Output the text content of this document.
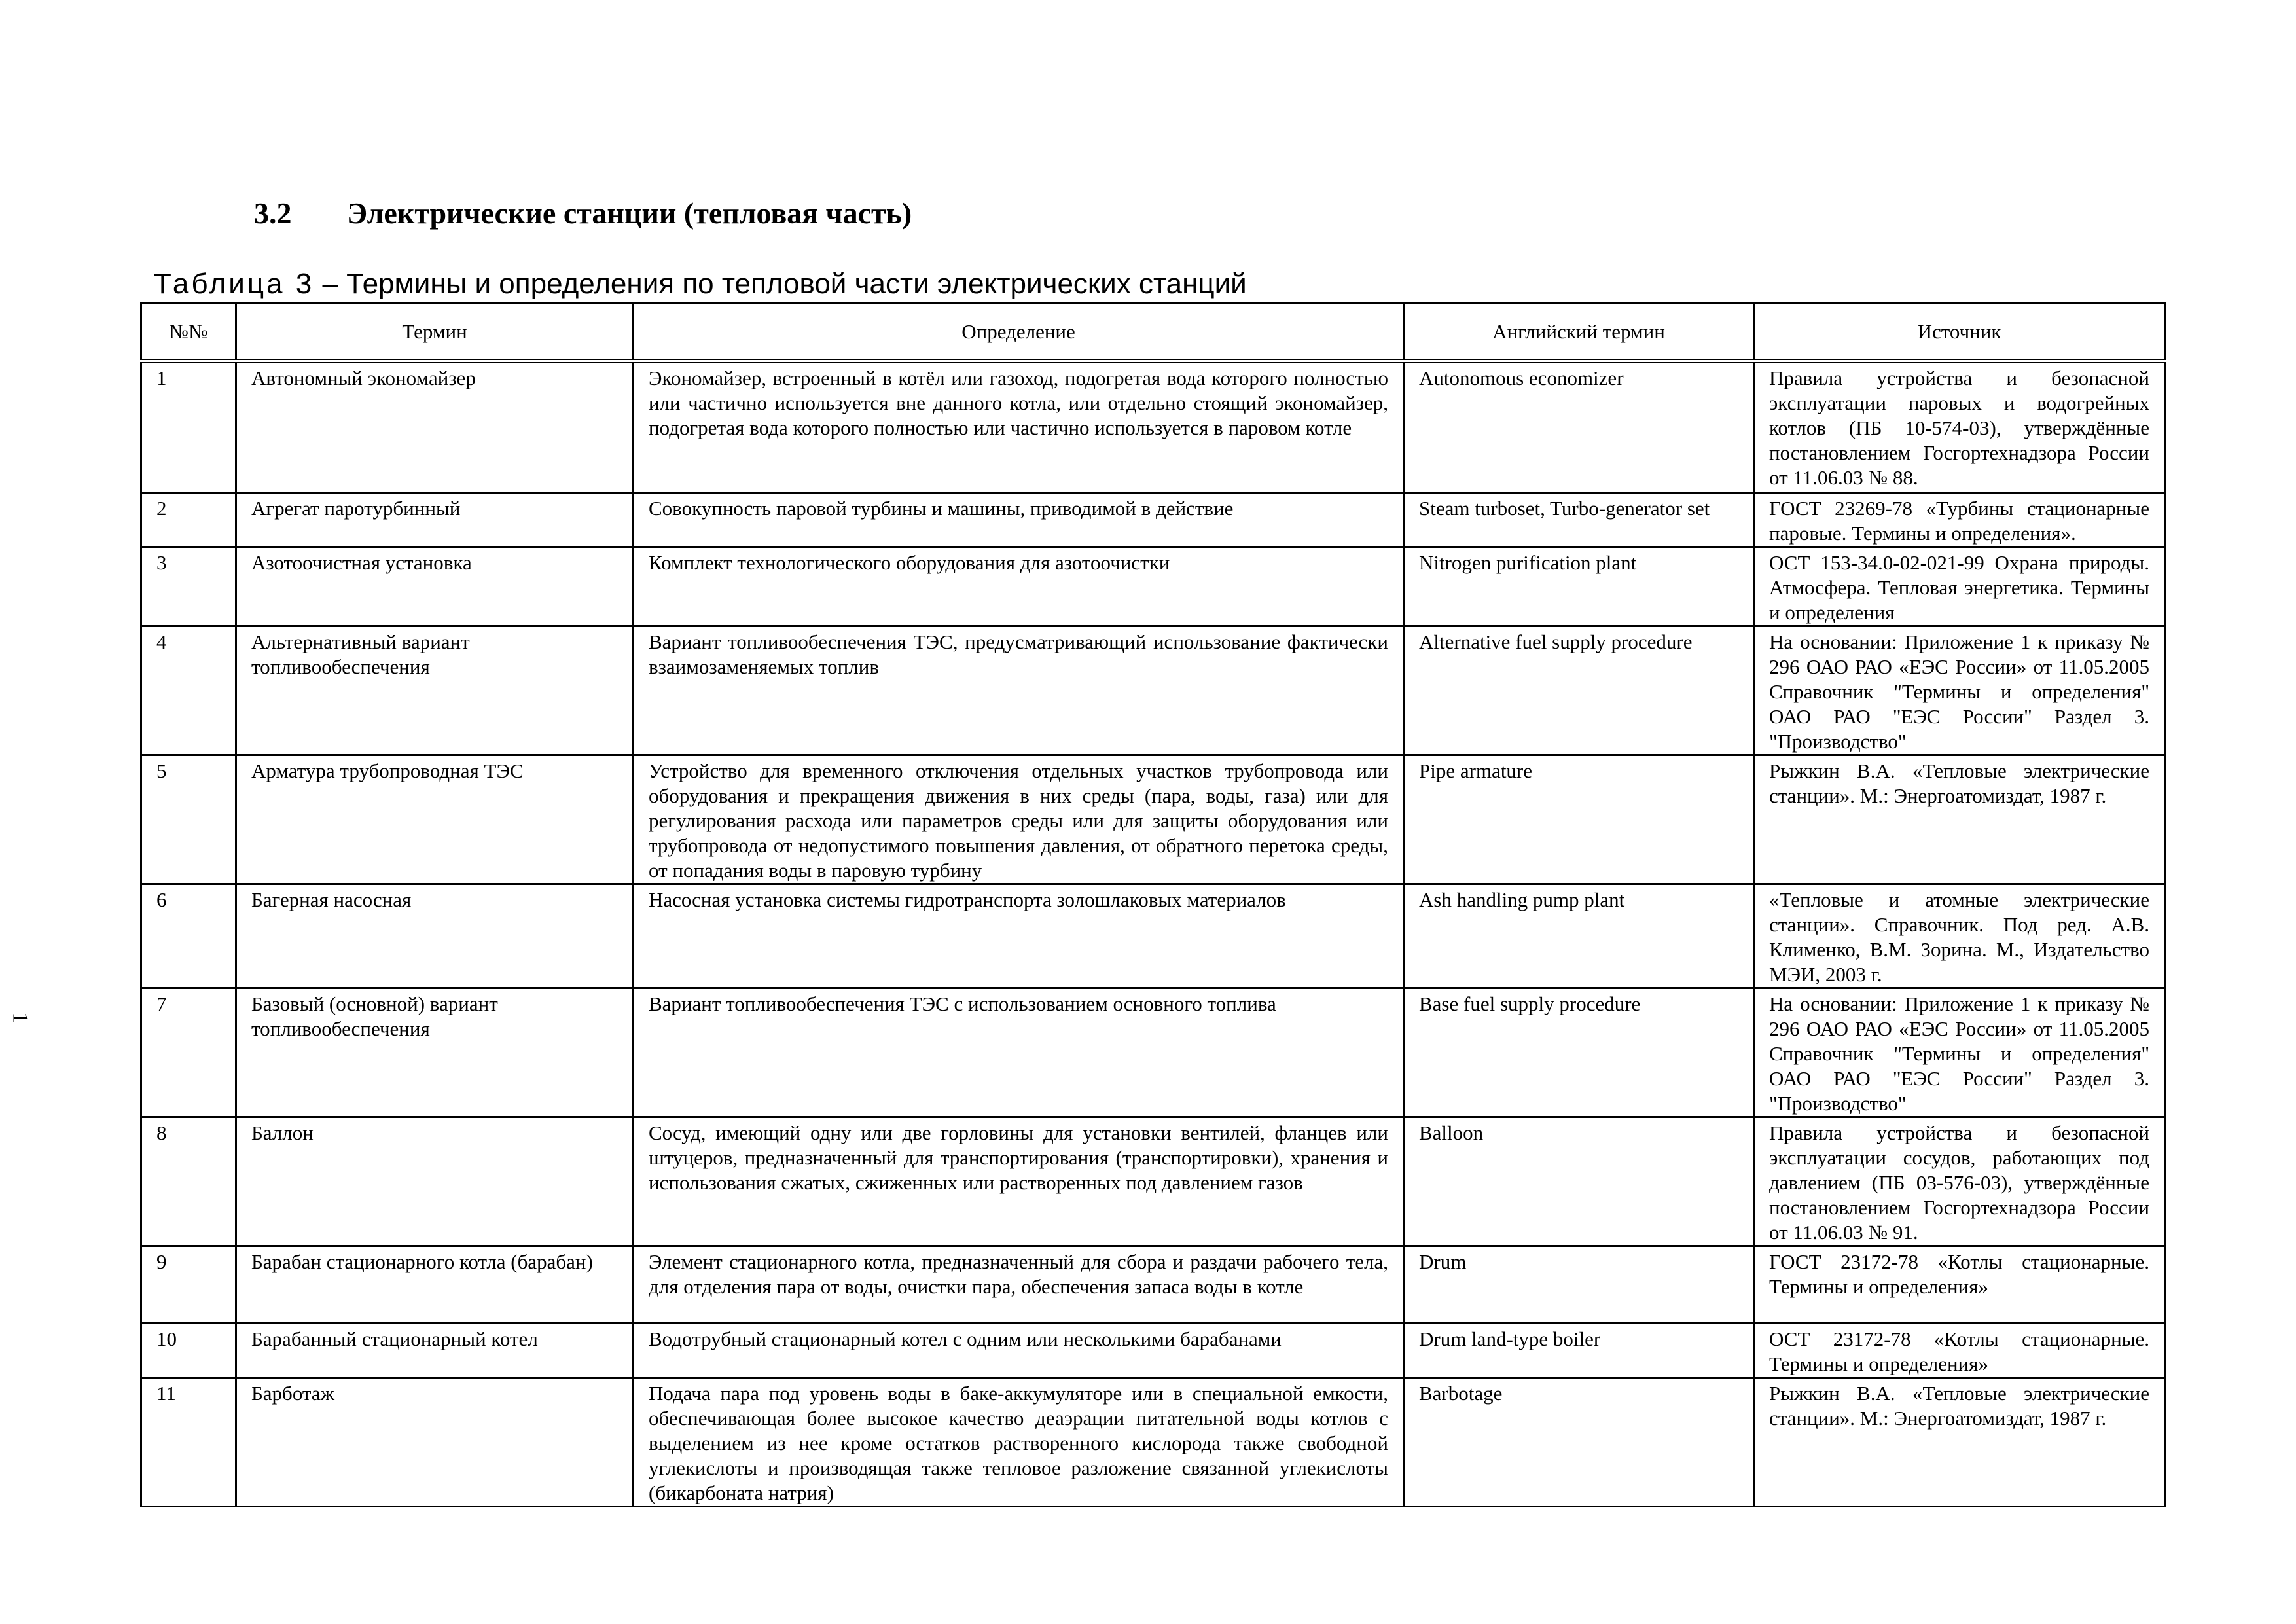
3.2 Электрические станции (тепловая часть)
Таблица 3 – Термины и определения по тепловой части электрических станций
1
№№	Термин	Определение	Английский термин	Источник
1	Автономный экономайзер	Экономайзер, встроенный в котёл или газоход, подогретая вода которого полностью или частично используется вне данного котла, или отдельно стоящий экономайзер, подогретая вода которого полностью или частично используется в паровом котле	Autonomous economizer	Правила устройства и безопасной эксплуатации паровых и водогрейных котлов (ПБ 10-574-03), утверждённые постановлением Госгортехнадзора России от 11.06.03 № 88.
2	Агрегат паротурбинный	Совокупность паровой турбины и машины, приводимой в действие	Steam turboset, Turbo-generator set	ГОСТ 23269-78 «Турбины стационарные паровые. Термины и определения».
3	Азотоочистная установка	Комплект технологического оборудования для азотоочистки	Nitrogen purification plant	ОСТ 153-34.0-02-021-99 Охрана природы. Атмосфера. Тепловая энергетика. Термины и определения
4	Альтернативный вариант топливообеспечения	Вариант топливообеспечения ТЭС, предусматривающий использование фактически взаимозаменяемых топлив	Alternative fuel supply procedure	На основании: Приложение 1 к приказу № 296 ОАО РАО «ЕЭС России» от 11.05.2005 Справочник "Термины и определения" ОАО РАО "ЕЭС России" Раздел 3. "Производство"
5	Арматура трубопроводная ТЭС	Устройство для временного отключения отдельных участков трубопровода или оборудования и прекращения движения в них среды (пара, воды, газа) или для регулирования расхода или параметров среды или для защиты оборудования или трубопровода от недопустимого повышения давления, от обратного перетока среды, от попадания воды в паровую турбину	Pipe armature	Рыжкин В.А. «Тепловые электрические станции». М.: Энергоатомиздат, 1987 г.
6	Багерная насосная	Насосная установка системы гидротранспорта золошлаковых материалов	Ash handling pump plant	«Тепловые и атомные электрические станции». Справочник. Под ред. А.В. Клименко, В.М. Зорина. М., Издательство МЭИ, 2003 г.
7	Базовый (основной) вариант топливообеспечения	Вариант топливообеспечения ТЭС с использованием основного топлива	Base fuel supply procedure	На основании: Приложение 1 к приказу № 296 ОАО РАО «ЕЭС России» от 11.05.2005 Справочник "Термины и определения" ОАО РАО "ЕЭС России" Раздел 3. "Производство"
8	Баллон	Сосуд, имеющий одну или две горловины для установки вентилей, фланцев или штуцеров, предназначенный для транспортирования (транспортировки), хранения и использования сжатых, сжиженных или растворенных под давлением газов	Balloon	Правила устройства и безопасной эксплуатации сосудов, работающих под давлением (ПБ 03-576-03), утверждённые постановлением Госгортехнадзора России от 11.06.03 № 91.
9	Барабан стационарного котла (барабан)	Элемент стационарного котла, предназначенный для сбора и раздачи рабочего тела, для отделения пара от воды, очистки пара, обеспечения запаса воды в котле	Drum	ГОСТ 23172-78 «Котлы стационарные. Термины и определения»
10	Барабанный стационарный котел	Водотрубный стационарный котел с одним или несколькими барабанами	Drum land-type boiler	ОСТ 23172-78 «Котлы стационарные. Термины и определения»
11	Барботаж	Подача пара под уровень воды в баке-аккумуляторе или в специальной емкости, обеспечивающая более высокое качество деаэрации питательной воды котлов с выделением из нее кроме остатков растворенного кислорода также свободной углекислоты и производящая также тепловое разложение связанной углекислоты (бикарбоната натрия)	Barbotage	Рыжкин В.А. «Тепловые электрические станции». М.: Энергоатомиздат, 1987 г.
